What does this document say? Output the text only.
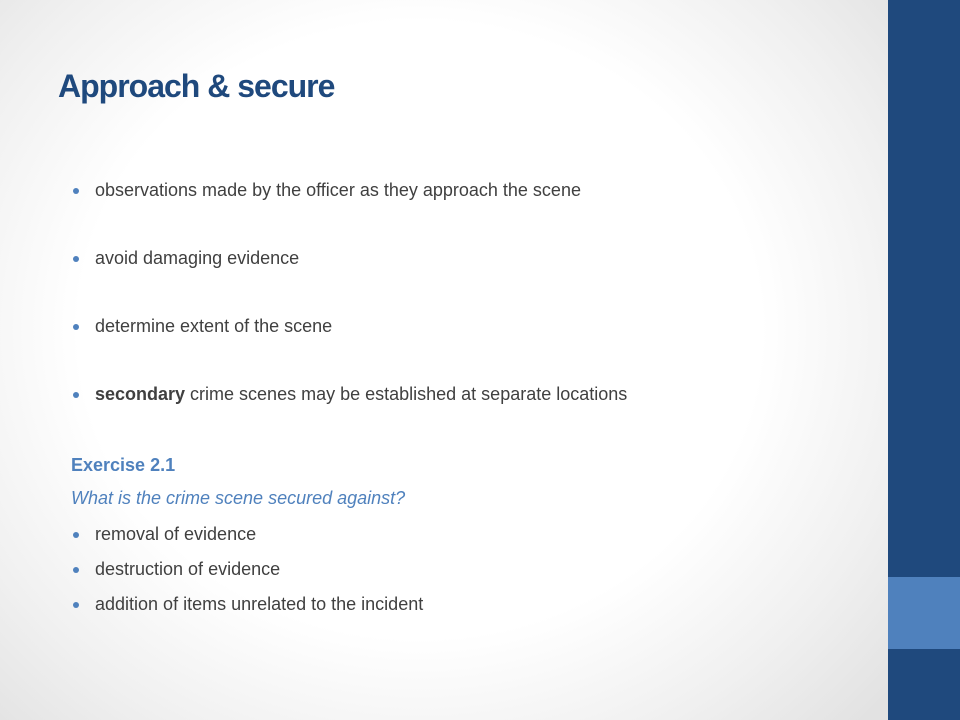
Approach & secure
observations made by the officer as they approach the scene
avoid damaging evidence
determine extent of the scene
secondary crime scenes may be established at separate locations
Exercise 2.1
What is the crime scene secured against?
removal of evidence
destruction of evidence
addition of items unrelated to the incident
